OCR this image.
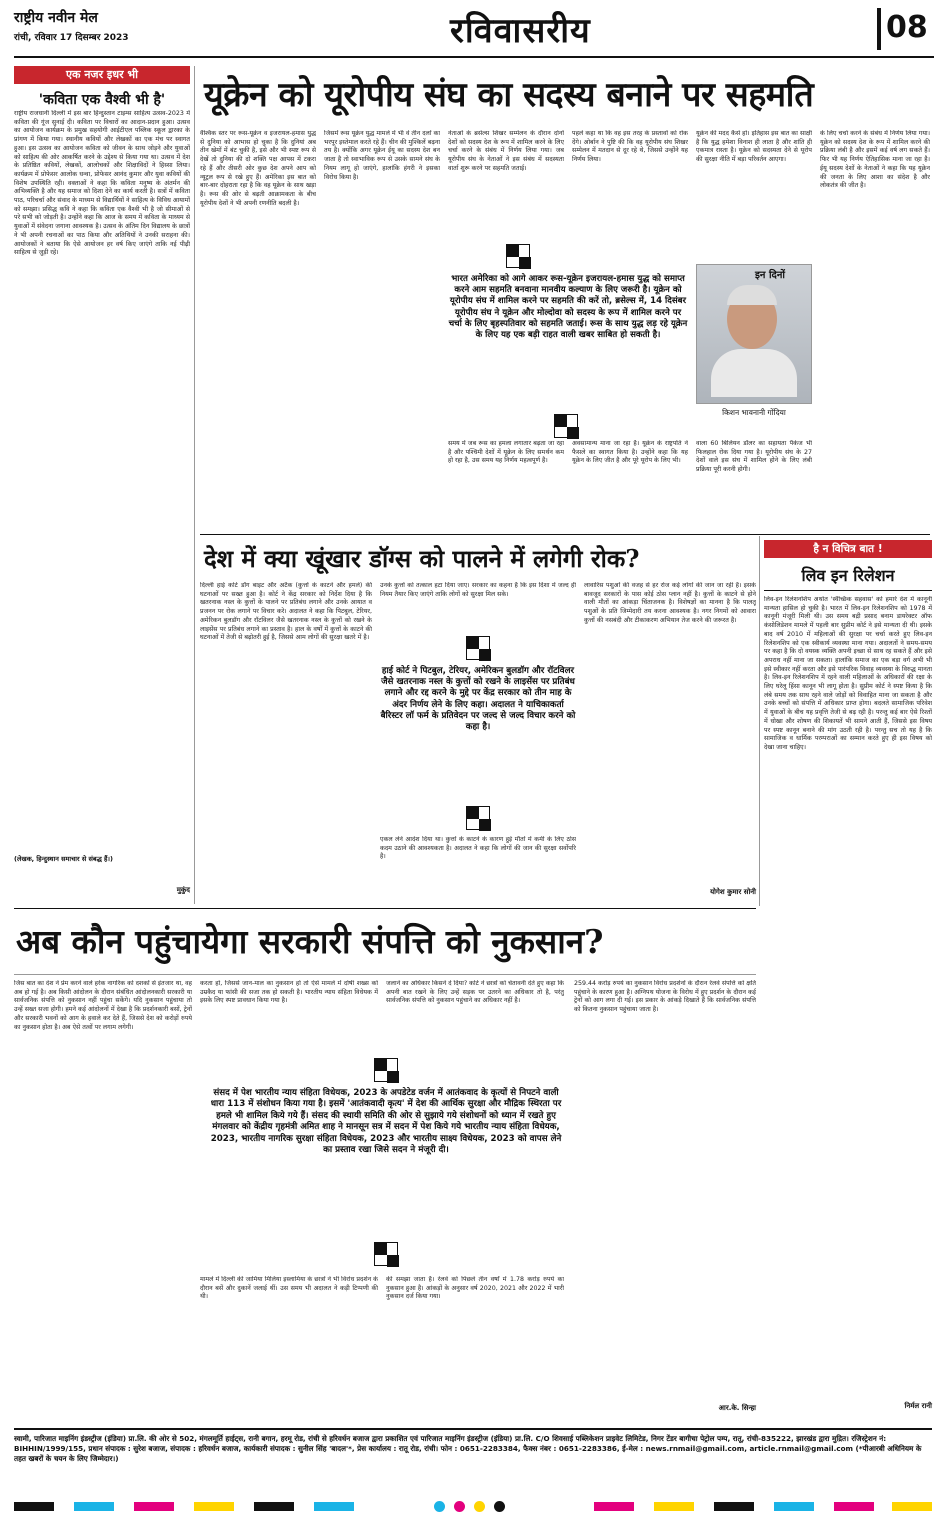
राष्ट्रीय नवीन मेल
रांची, रविवार 17 दिसम्बर 2023	रविवासरीय	08
एक नजर इधर भी
'कविता एक वैश्वी भी है'
राष्ट्रीय राजधानी दिल्ली में इस बार हिन्दुस्तान टाइम्स साहित्य उत्सव-2023 में कविता की गूंज सुनाई दी। कविता पर विचारों का आदान-प्रदान हुआ। उत्सव का आयोजन कार्यक्रम के प्रमुख सहयोगी आईटीएल पब्लिक स्कूल द्वारका के प्रांगण में किया गया। स्थानीय कवियों और लेखकों का एक मंच पर स्वागत हुआ। इस उत्सव का आयोजन कविता को जीवन के साथ जोड़ने और युवाओं को साहित्य की ओर आकर्षित करने के उद्देश्य से किया गया था। उत्सव में देश के प्रतिष्ठित कवियों, लेखकों, आलोचकों और शिक्षाविदों ने हिस्सा लिया। कार्यक्रम में प्रोफेसर आलोक धन्वा, प्रोफेसर आनंद कुमार और युवा कवियों की विशेष उपस्थिति रही। वक्ताओं ने कहा कि कविता मनुष्य के अंतर्मन की अभिव्यक्ति है और यह समाज को दिशा देने का कार्य करती है। सत्रों में कविता पाठ, परिचर्चा और संवाद के माध्यम से विद्यार्थियों ने साहित्य के विविध आयामों को समझा। प्रसिद्ध कवि ने कहा कि कविता एक वैश्वी भी है जो सीमाओं से परे सभी को जोड़ती है। उन्होंने कहा कि आज के समय में कविता के माध्यम से युवाओं में संवेदना जगाना आवश्यक है। उत्सव के अंतिम दिन विद्यालय के छात्रों ने भी अपनी रचनाओं का पाठ किया और अतिथियों ने उनकी सराहना की। आयोजकों ने बताया कि ऐसे आयोजन हर वर्ष किए जाएंगे ताकि नई पीढ़ी साहित्य से जुड़ी रहे।
(लेखक, हिन्दुस्थान समाचार से संबद्ध हैं।)
मुकुंद
यूक्रेन को यूरोपीय संघ का सदस्य बनाने पर सहमति
वैश्विक स्तर पर रूस-यूक्रेन व इजरायल-हमास युद्ध से दुनिया को आभास हो चुका है कि दुनियां अब तीन खेमों में बंट चुकी है, इसे और भी स्पष्ट रूप से देखें तो दुनिया की दो शक्ति पक्ष आपस में टकरा रहे हैं और तीसरी ओर कुछ देश अपने आप को न्यूट्रल रूप से रखे हुए हैं। अमेरिका इस बात को बार-बार दोहराता रहा है कि वह यूक्रेन के साथ खड़ा है। रूस की ओर से बढ़ती आक्रामकता के बीच यूरोपीय देशों ने भी अपनी रणनीति बदली है।
जिसमें रूस यूक्रेन युद्ध मामले में भी वे तीन दलों का भरपूर इस्तेमाल करते रहे हैं। चीन की मुश्किलें बढ़ना तय है। क्योंकि अगर यूक्रेन ईयू का सदस्य देश बन जाता है तो स्वाभाविक रूप से उसके सामने संघ के नियम लागू हो जाएंगे, हालांकि हंगरी ने इसका विरोध किया है।
नेताओं के ब्रसेल्स शिखर सम्मेलन के दौरान दोनों देशों को सदस्य देश के रूप में शामिल करने के लिए चर्चा करने के संबंध में निर्णय लिया गया। जब यूरोपीय संघ के नेताओं ने इस संबंध में सदस्यता वार्ता शुरू करने पर सहमति जताई।
पहले कहा था कि वह इस तरह के प्रस्तावों को रोक देंगे। ओर्बान ने पुष्टि की कि वह यूरोपीय संघ शिखर सम्मेलन में मतदान से दूर रहे थे, जिससे उन्होंने यह निर्णय लिया।
यूक्रेन की मदद कैसे हो। इतिहास इस बात का साक्षी है कि युद्ध हमेशा विनाश ही लाता है और शांति ही एकमात्र रास्ता है। यूक्रेन को सदस्यता देने से यूरोप की सुरक्षा नीति में बड़ा परिवर्तन आएगा।
के लिए चर्चा करने के संबंध में निर्णय लिया गया। यूक्रेन को सदस्य देश के रूप में शामिल करने की प्रक्रिया लंबी है और इसमें कई वर्ष लग सकते हैं। फिर भी यह निर्णय ऐतिहासिक माना जा रहा है। ईयू सदस्य देशों के नेताओं ने कहा कि यह यूक्रेन की जनता के लिए आशा का संदेश है और लोकतंत्र की जीत है।
भारत अमेरिका को आगे आकर रूस-यूक्रेन इजरायल-हमास युद्ध को समाप्त करने आम सहमति बनवाना मानवीय कल्याण के लिए जरूरी है। यूक्रेन को यूरोपीय संघ में शामिल करने पर सहमति की करें तो, ब्रसेल्स में, 14 दिसंबर यूरोपीय संघ ने यूक्रेन और मोल्दोवा को सदस्य के रूप में शामिल करने पर चर्चा के लिए बृहस्पतिवार को सहमति जताई। रूस के साथ युद्ध लड़ रहे यूक्रेन के लिए यह एक बड़ी राहत वाली खबर साबित हो सकती है।
इन दिनों
किशन भावनानी गोंदिया
समय में जब रूस का हमला लगातार बढ़ता जा रहा है और पश्चिमी देशों में यूक्रेन के लिए समर्थन कम हो रहा है, उस समय यह निर्णय महत्वपूर्ण है।
अवसामान्य माना जा रहा है। यूक्रेन के राष्ट्रपति ने फैसले का स्वागत किया है। उन्होंने कहा कि यह यूक्रेन के लिए जीत है और पूरे यूरोप के लिए भी।
वाला 60 बिलियन डॉलर का सहायता पैकेज भी फिलहाल रोक दिया गया है। यूरोपीय संघ के 27 देशों वाले इस संघ में शामिल होने के लिए लंबी प्रक्रिया पूरी करनी होगी।
देश में क्या खूंखार डॉग्स को पालने में लगेगी रोक?
दिल्ली हाई कोर्ट डॉग बाइट और अटैक (कुत्तों के काटने और हमले) की घटनाओं पर सख्त हुआ है। कोर्ट ने केंद्र सरकार को निर्देश दिया है कि खतरनाक नस्ल के कुत्तों के पालने पर प्रतिबंध लगाने और उनके आयात व प्रजनन पर रोक लगाने पर विचार करे। अदालत ने कहा कि पिटबुल, टेरियर, अमेरिकन बुलडॉग और रॉटविलर जैसे खतरनाक नस्ल के कुत्तों को रखने के लाइसेंस पर प्रतिबंध लगाने का प्रस्ताव है। हाल के वर्षों में कुत्तों के काटने की घटनाओं में तेजी से बढ़ोतरी हुई है, जिससे आम लोगों की सुरक्षा खतरे में है।
उनके कुत्तों को तत्काल हटा दिया जाए। सरकार का कहना है कि इस दिशा में जल्द ही नियम तैयार किए जाएंगे ताकि लोगों को सुरक्षा मिल सके।
लावारिस पशुओं की वजह से हर रोज कई लोगों की जान जा रही है। इसके बावजूद सरकारों के पास कोई ठोस प्लान नहीं है। कुत्तों के काटने से होने वाली मौतों का आंकड़ा चिंताजनक है। विशेषज्ञों का मानना है कि पालतू पशुओं के प्रति जिम्मेदारी तय करना आवश्यक है। नगर निगमों को आवारा कुत्तों की नसबंदी और टीकाकरण अभियान तेज करने की जरूरत है।
हाई कोर्ट ने पिटबुल, टेरियर, अमेरिकन बुलडॉग और रॉटविलर जैसे खतरनाक नस्ल के कुत्तों को रखने के लाइसेंस पर प्रतिबंध लगाने और रद्द करने के मुद्दे पर केंद्र सरकार को तीन माह के अंदर निर्णय लेने के लिए कहा। अदालत ने याचिकाकर्ता बैरिस्टर लॉ फर्म के प्रतिवेदन पर जल्द से जल्द विचार करने को कहा है।
एकल लेने आदेश दिया था। कुत्तों के काटने के कारण हुई मौतों में कमी के लिए ठोस कदम उठाने की आवश्यकता है। अदालत ने कहा कि लोगों की जान की सुरक्षा सर्वोपरि है।
योगेश कुमार सोनी
है न विचित्र बात !
लिव इन रिलेशन
लिव-इन रिलेशनशिप अर्थात 'स्वैच्छिक सहवास' को हमारे देश में कानूनी मान्यता हासिल हो चुकी है। भारत में लिव-इन रिलेशनशिप को 1978 में कानूनी मंजूरी मिली थी। उस समय बद्री प्रसाद बनाम डायरेक्टर ऑफ कंसोलिडेशन मामले में पहली बार सुप्रीम कोर्ट ने इसे मान्यता दी थी। इसके बाद वर्ष 2010 में महिलाओं की सुरक्षा पर चर्चा करते हुए लिव-इन रिलेशनशिप को एक स्वीकार्य व्यवस्था माना गया। अदालतों ने समय-समय पर कहा है कि दो वयस्क व्यक्ति अपनी इच्छा से साथ रह सकते हैं और इसे अपराध नहीं माना जा सकता। हालांकि समाज का एक बड़ा वर्ग अभी भी इसे स्वीकार नहीं करता और इसे पारंपरिक विवाह व्यवस्था के विरुद्ध मानता है। लिव-इन रिलेशनशिप में रहने वाली महिलाओं के अधिकारों की रक्षा के लिए घरेलू हिंसा कानून भी लागू होता है। सुप्रीम कोर्ट ने स्पष्ट किया है कि लंबे समय तक साथ रहने वाले जोड़ों को विवाहित माना जा सकता है और उनके बच्चों को संपत्ति में अधिकार प्राप्त होगा। बदलते सामाजिक परिवेश में युवाओं के बीच यह प्रवृत्ति तेजी से बढ़ रही है। परन्तु कई बार ऐसे रिश्तों में धोखा और शोषण की शिकायतें भी सामने आती हैं, जिससे इस विषय पर स्पष्ट कानून बनाने की मांग उठती रही है। परन्तु सच तो यह है कि सामाजिक व धार्मिक परम्पराओं का सम्मान करते हुए ही इस विषय को देखा जाना चाहिए।
निर्मल रानी
अब कौन पहुंचायेगा सरकारी संपत्ति को नुकसान?
जिस बात का देश ने प्रेम करने वाले हरेक नागरिक को दशकों से इंतजार था, वह अब हो गई है। अब किसी आंदोलन के दौरान संबंधित आंदोलनकारी सरकारी या सार्वजनिक संपत्ति को नुकसान नहीं पहुंचा सकेंगे। यदि नुकसान पहुंचाया तो उन्हें सख्त सजा होगी। हमने कई आंदोलनों में देखा है कि प्रदर्शनकारी बसों, ट्रेनों और सरकारी भवनों को आग के हवाले कर देते हैं, जिससे देश को करोड़ों रुपये का नुकसान होता है। अब ऐसे तत्वों पर लगाम लगेगी।
करता हो, जिससे जान-माल का नुकसान हो तो ऐसे मामले में दोषी शख्स को उम्रकैद या फांसी की सजा तक हो सकती है। भारतीय न्याय संहिता विधेयक में इसके लिए स्पष्ट प्रावधान किया गया है।
जलाने का अधिकार किसने दे दिया? कोर्ट ने छात्रों को चेतावनी देते हुए कहा कि अपनी बात रखने के लिए उन्हें सड़क पर उतरने का अधिकार तो है, परंतु सार्वजनिक संपत्ति को नुकसान पहुंचाने का अधिकार नहीं है।
259.44 करोड़ रुपये का नुकसान विरोध प्रदर्शनों के दौरान रेलवे संपत्ति को क्षति पहुंचाने के कारण हुआ है। अग्निपथ योजना के विरोध में हुए प्रदर्शन के दौरान कई ट्रेनों को आग लगा दी गई। इस प्रकार के आंकड़े दिखाते हैं कि सार्वजनिक संपत्ति को कितना नुकसान पहुंचाया जाता है।
संसद में पेश भारतीय न्याय संहिता विधेयक, 2023 के अपडेटेड वर्जन में आतंकवाद के कृत्यों से निपटने वाली धारा 113 में संशोधन किया गया है। इसमें 'आतंकवादी कृत्य' में देश की आर्थिक सुरक्षा और मौद्रिक स्थिरता पर हमले भी शामिल किये गये हैं। संसद की स्थायी समिति की ओर से सुझाये गये संशोधनों को ध्यान में रखते हुए मंगलवार को केंद्रीय गृहमंत्री अमित शाह ने मानसून सत्र में सदन में पेश किये गये भारतीय न्याय संहिता विधेयक, 2023, भारतीय नागरिक सुरक्षा संहिता विधेयक, 2023 और भारतीय साक्ष्य विधेयक, 2023 को वापस लेने का प्रस्ताव रखा जिसे सदन ने मंजूरी दी।
मामले में दिल्ली की जामिया मिलिया इस्लामिया के छात्रों ने भी विरोध प्रदर्शन के दौरान बसें और दुकानें जलाई थीं। उस समय भी अदालत ने कड़ी टिप्पणी की थी।
की समझा जाता है। रेलवे को पिछले तीन वर्षों में 1.78 करोड़ रुपये का नुकसान हुआ है। आंकड़ों के अनुसार वर्ष 2020, 2021 और 2022 में भारी नुकसान दर्ज किया गया।
आर.के. सिन्हा
स्वामी, पारिजात माइनिंग इंडस्ट्रीज (इंडिया) प्रा.लि. की ओर से 502, मंगलमूर्ति हाईट्स, रानी बगान, हरमू रोड, रांची से हरिवर्धन बजाज द्वारा प्रकाशित एवं पारिजात माइनिंग इंडस्ट्रीज (इंडिया) प्रा.लि. C/O शिवसाई पब्लिकेशन प्राइवेट लिमिटेड, निगर टेंडर बागीचा पेट्रोल पम्प, रातू, रांची-835222, झारखंड द्वारा मुद्रित। रजिस्ट्रेशन नं: BIHHIN/1999/155, प्रधान संपादक : सुरेश बजाज, संपादक : हरिवर्धन बजाज, कार्यकारी संपादक : सुनील सिंह 'बादल'*, प्रेस कार्यालय : रातू रोड, रांची। फोन : 0651-2283384, फैक्स नंबर : 0651-2283386, ई-मेल : news.rnmail@gmail.com, article.rnmail@gmail.com (*पीआरबी अधिनियम के तहत खबरों के चयन के लिए जिम्मेदार।)
